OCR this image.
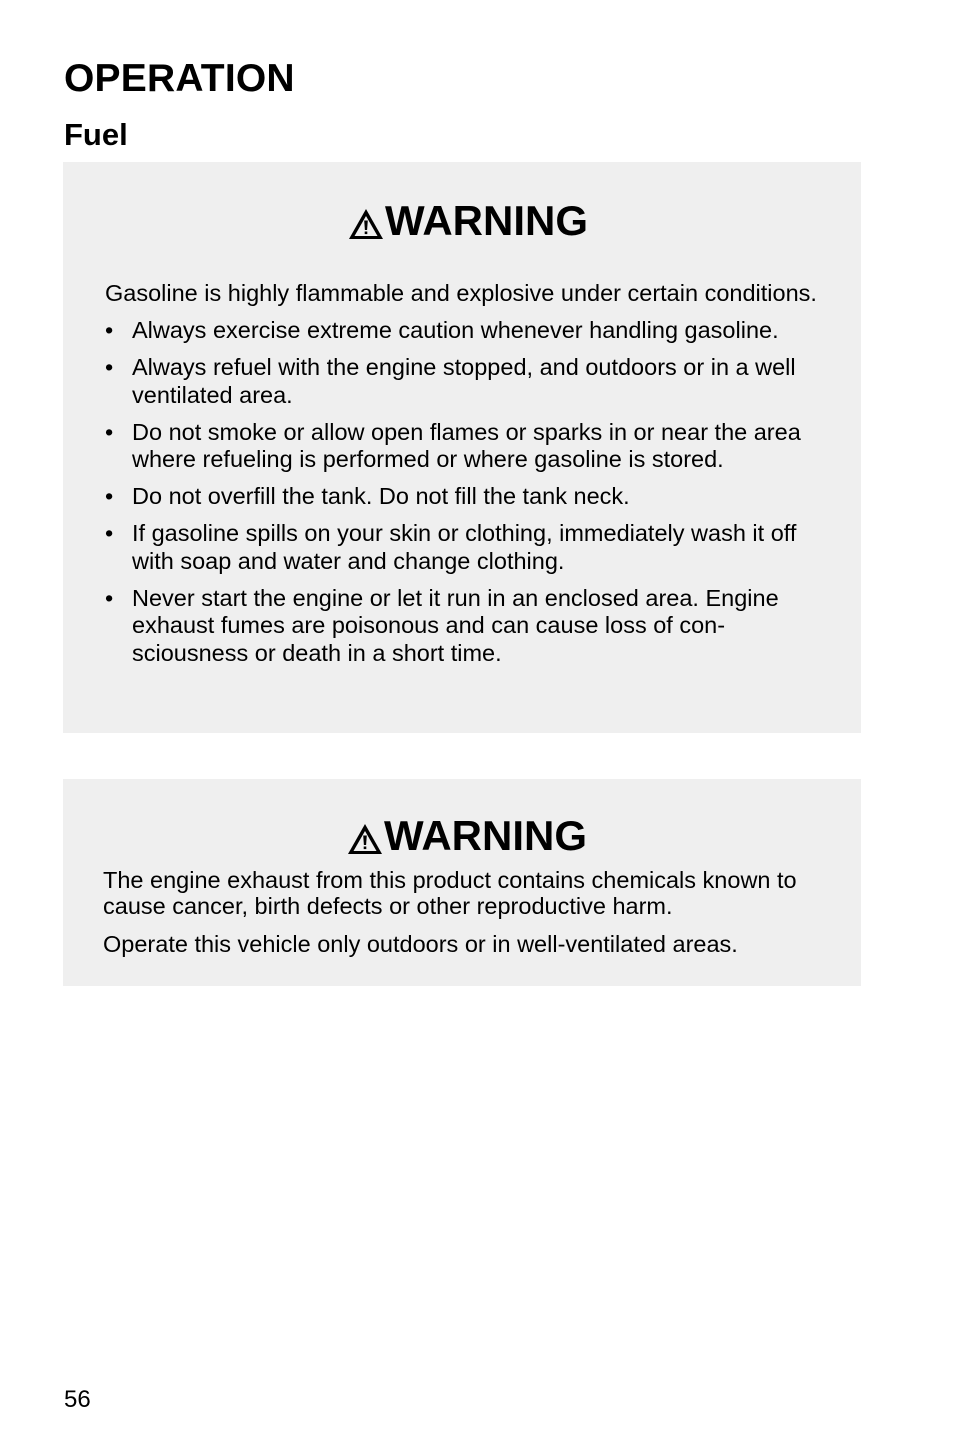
OPERATION
Fuel
WARNING

Gasoline is highly flammable and explosive under certain conditions.

• Always exercise extreme caution whenever handling gasoline.
• Always refuel with the engine stopped, and outdoors or in a well ventilated area.
• Do not smoke or allow open flames or sparks in or near the area where refueling is performed or where gasoline is stored.
• Do not overfill the tank. Do not fill the tank neck.
• If gasoline spills on your skin or clothing, immediately wash it off with soap and water and change clothing.
• Never start the engine or let it run in an enclosed area. Engine exhaust fumes are poisonous and can cause loss of con-sciousness or death in a short time.
WARNING

The engine exhaust from this product contains chemicals known to cause cancer, birth defects or other reproductive harm.

Operate this vehicle only outdoors or in well-ventilated areas.

56
